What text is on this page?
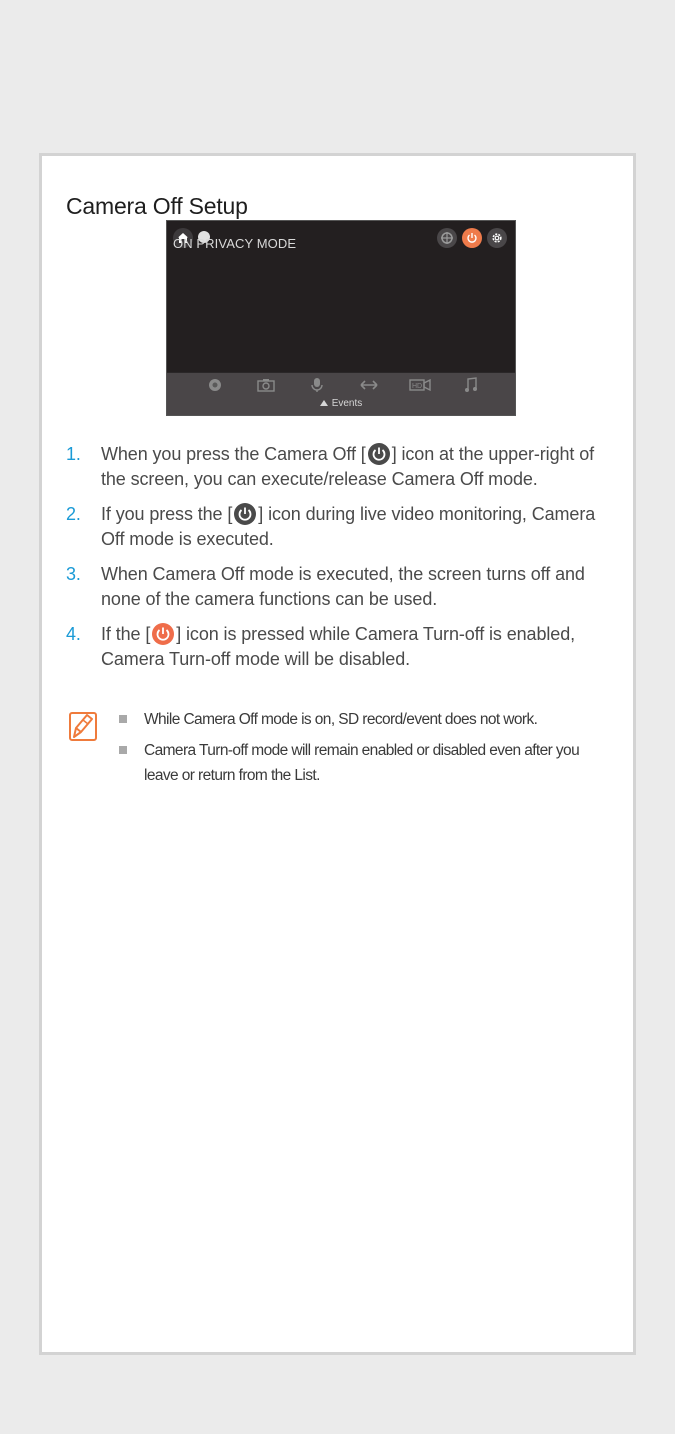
Camera Off Setup
ON PRIVACY MODE
HD
Events
1. When you press the Camera Off [ ] icon at the upper-right of the screen, you can execute/release Camera Off mode.
2. If you press the [ ] icon during live video monitoring, Camera Off mode is executed.
3. When Camera Off mode is executed, the screen turns off and none of the camera functions can be used.
4. If the [ ] icon is pressed while Camera Turn-off is enabled, Camera Turn-off mode will be disabled.
While Camera Off mode is on, SD record/event does not work.
Camera Turn-off mode will remain enabled or disabled even after you leave or return from the List.
